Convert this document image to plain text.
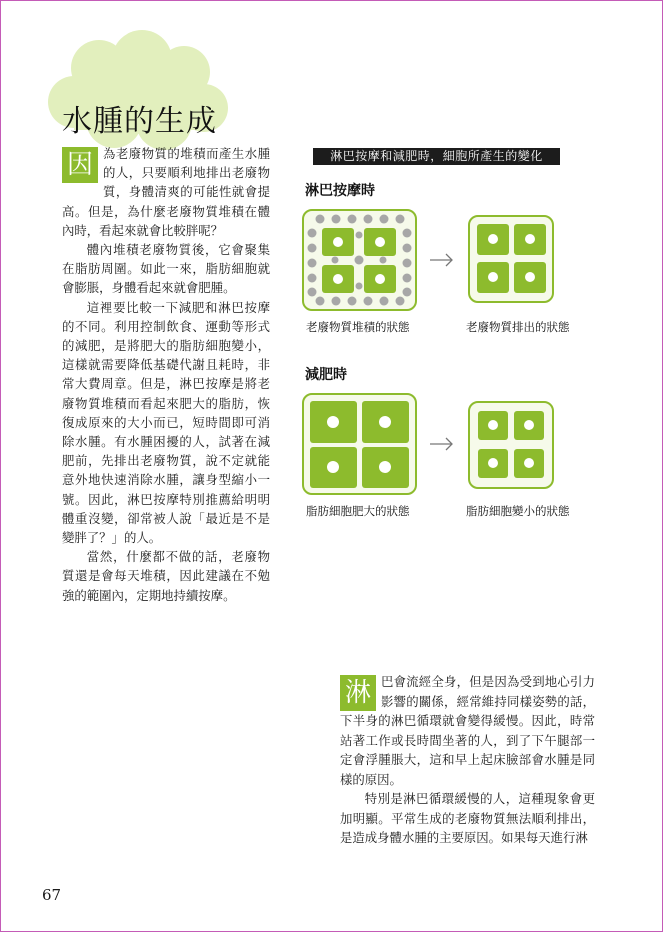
水腫的生成

因 為老廢物質的堆積而產生水腫的人，只要順利地排出老廢物質，身體清爽的可能性就會提高。但是，為什麼老廢物質堆積在體內時，看起來就會比較胖呢？

體內堆積老廢物質後，它會聚集在脂肪周圍。如此一來，脂肪細胞就會膨脹，身體看起來就會肥腫。

這裡要比較一下減肥和淋巴按摩的不同。利用控制飲食、運動等形式的減肥，是將肥大的脂肪細胞變小，這樣就需要降低基礎代謝且耗時，非常大費周章。但是，淋巴按摩是將老廢物質堆積而看起來肥大的脂肪，恢復成原來的大小而已，短時間即可消除水腫。有水腫困擾的人，試著在減肥前，先排出老廢物質，說不定就能意外地快速消除水腫，讓身型縮小一號。因此，淋巴按摩特別推薦給明明體重沒變，卻常被人說「最近是不是變胖了？」的人。

當然，什麼都不做的話，老廢物質還是會每天堆積，因此建議在不勉強的範圍內，定期地持續按摩。

淋巴按摩和減肥時，細胞所產生的變化
淋巴按摩時
老廢物質堆積的狀態	老廢物質排出的狀態
減肥時
脂肪細胞肥大的狀態	脂肪細胞變小的狀態

淋 巴會流經全身，但是因為受到地心引力影響的關係，經常維持同樣姿勢的話，下半身的淋巴循環就會變得緩慢。因此，時常站著工作或長時間坐著的人，到了下午腿部一定會浮腫脹大，這和早上起床臉部會水腫是同樣的原因。

特別是淋巴循環緩慢的人，這種現象會更加明顯。平常生成的老廢物質無法順利排出，是造成身體水腫的主要原因。如果每天進行淋

67
